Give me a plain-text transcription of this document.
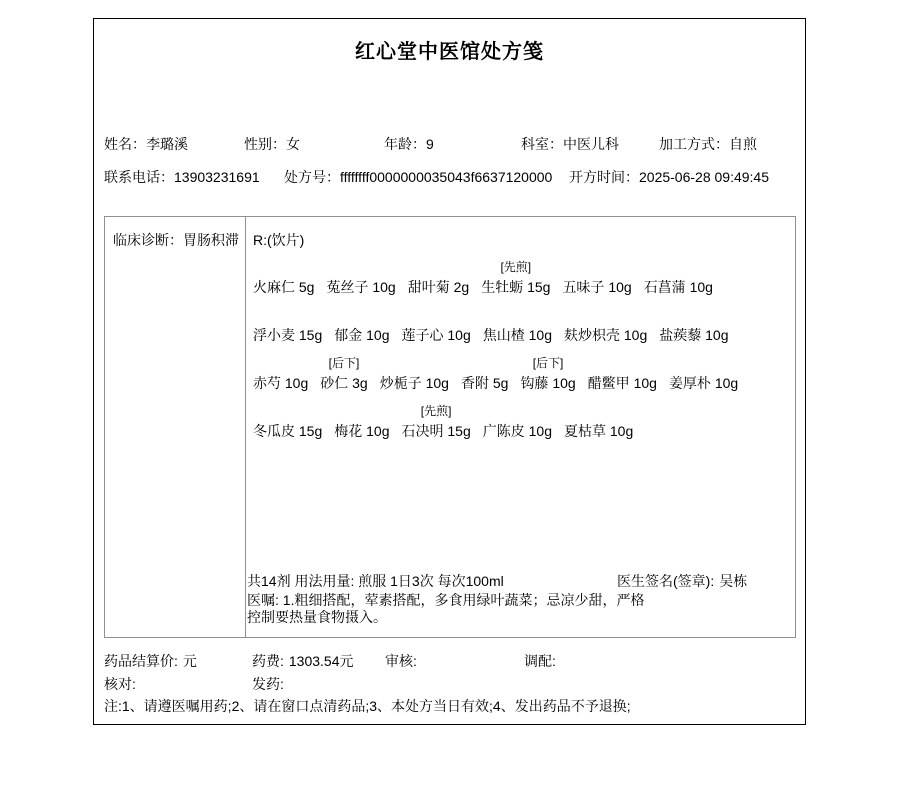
红心堂中医馆处方笺
姓名：李璐溪	性别：女	年龄：9	科室：中医儿科	加工方式：自煎
联系电话：13903231691 处方号：ffffffff0000000035043f6637120000 开方时间：2025-06-28 09:49:45
临床诊断：胃肠积滞 R:(饮片)
火麻仁 5g 菟丝子 10g 甜叶菊 2g 生牡蛎 15g
[先煎]
五味子 10g 石菖蒲 10g
浮小麦 15g 郁金 10g 莲子心 10g 焦山楂 10g 麸炒枳壳 10g 盐蒺藜 10g
赤芍 10g 砂仁 3g
[后下]
炒栀子 10g 香附 5g 钩藤 10g
[后下]
醋鳖甲 10g 姜厚朴 10g
冬瓜皮 15g 梅花 10g 石决明 15g
[先煎]
广陈皮 10g 夏枯草 10g
共14剂 用法用量: 煎服 1日3次 每次100ml	医生签名(签章): 吴栋
医嘱: 1.粗细搭配，荤素搭配，多食用绿叶蔬菜；忌凉少甜，严格
控制要热量食物摄入。
药品结算价: 元	药费: 1303.54元 审核:	调配:
核对:	发药:
注:1、请遵医嘱用药;2、请在窗口点清药品;3、本处方当日有效;4、发出药品不予退换;
